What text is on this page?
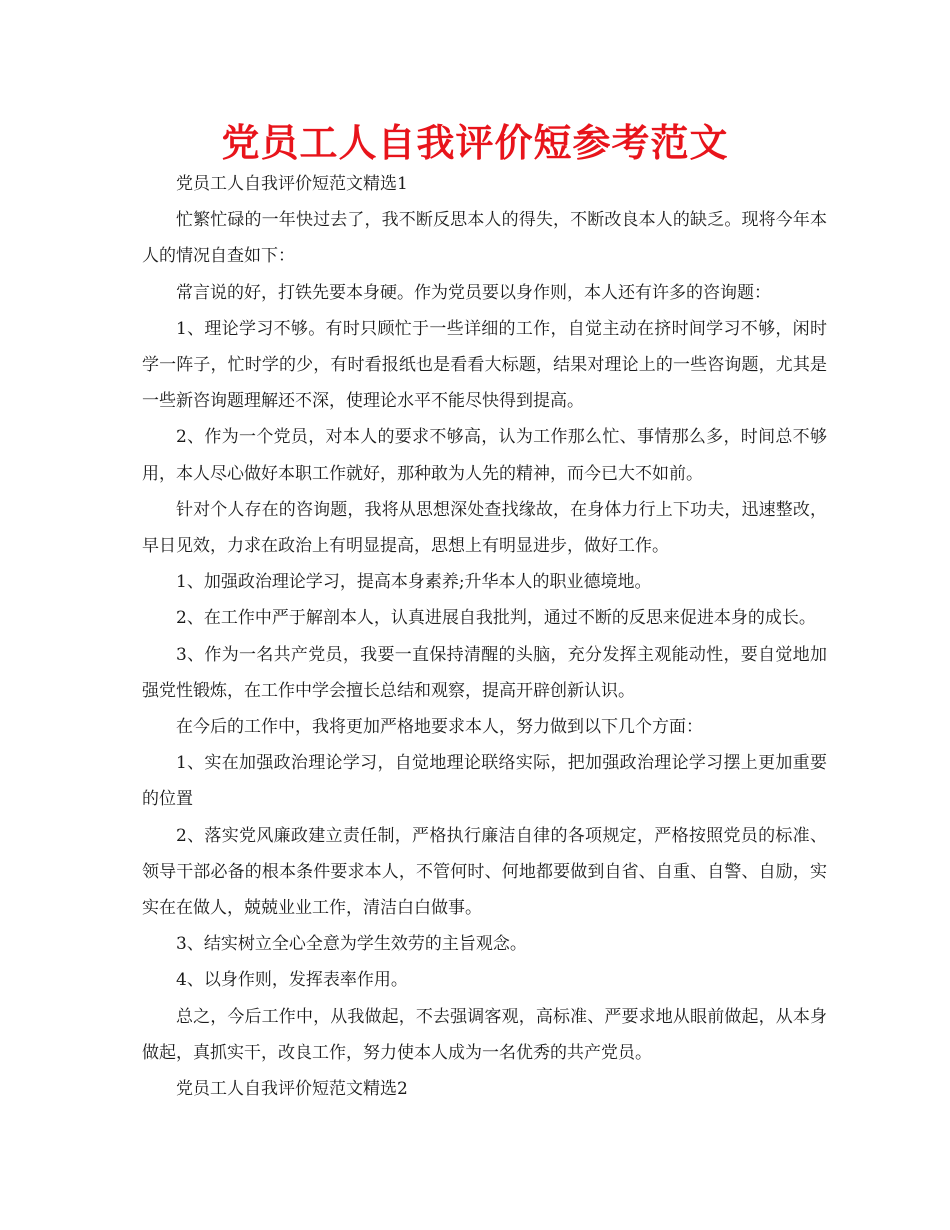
党员工人自我评价短参考范文

党员工人自我评价短范文精选1

忙繁忙碌的一年快过去了，我不断反思本人的得失，不断改良本人的缺乏。现将今年本人的情况自查如下：

常言说的好，打铁先要本身硬。作为党员要以身作则，本人还有许多的咨询题：

1、理论学习不够。有时只顾忙于一些详细的工作，自觉主动在挤时间学习不够，闲时学一阵子，忙时学的少，有时看报纸也是看看大标题，结果对理论上的一些咨询题，尤其是一些新咨询题理解还不深，使理论水平不能尽快得到提高。

2、作为一个党员，对本人的要求不够高，认为工作那么忙、事情那么多，时间总不够用，本人尽心做好本职工作就好，那种敢为人先的精神，而今已大不如前。

针对个人存在的咨询题，我将从思想深处查找缘故，在身体力行上下功夫，迅速整改，早日见效，力求在政治上有明显提高，思想上有明显进步，做好工作。

1、加强政治理论学习，提高本身素养;升华本人的职业德境地。

2、在工作中严于解剖本人，认真进展自我批判，通过不断的反思来促进本身的成长。

3、作为一名共产党员，我要一直保持清醒的头脑，充分发挥主观能动性，要自觉地加强党性锻炼，在工作中学会擅长总结和观察，提高开辟创新认识。

在今后的工作中，我将更加严格地要求本人，努力做到以下几个方面：

1、实在加强政治理论学习，自觉地理论联络实际，把加强政治理论学习摆上更加重要的位置

2、落实党风廉政建立责任制，严格执行廉洁自律的各项规定，严格按照党员的标准、领导干部必备的根本条件要求本人，不管何时、何地都要做到自省、自重、自警、自励，实实在在做人，兢兢业业工作，清洁白白做事。

3、结实树立全心全意为学生效劳的主旨观念。

4、以身作则，发挥表率作用。

总之，今后工作中，从我做起，不去强调客观，高标准、严要求地从眼前做起，从本身做起，真抓实干，改良工作，努力使本人成为一名优秀的共产党员。

党员工人自我评价短范文精选2
